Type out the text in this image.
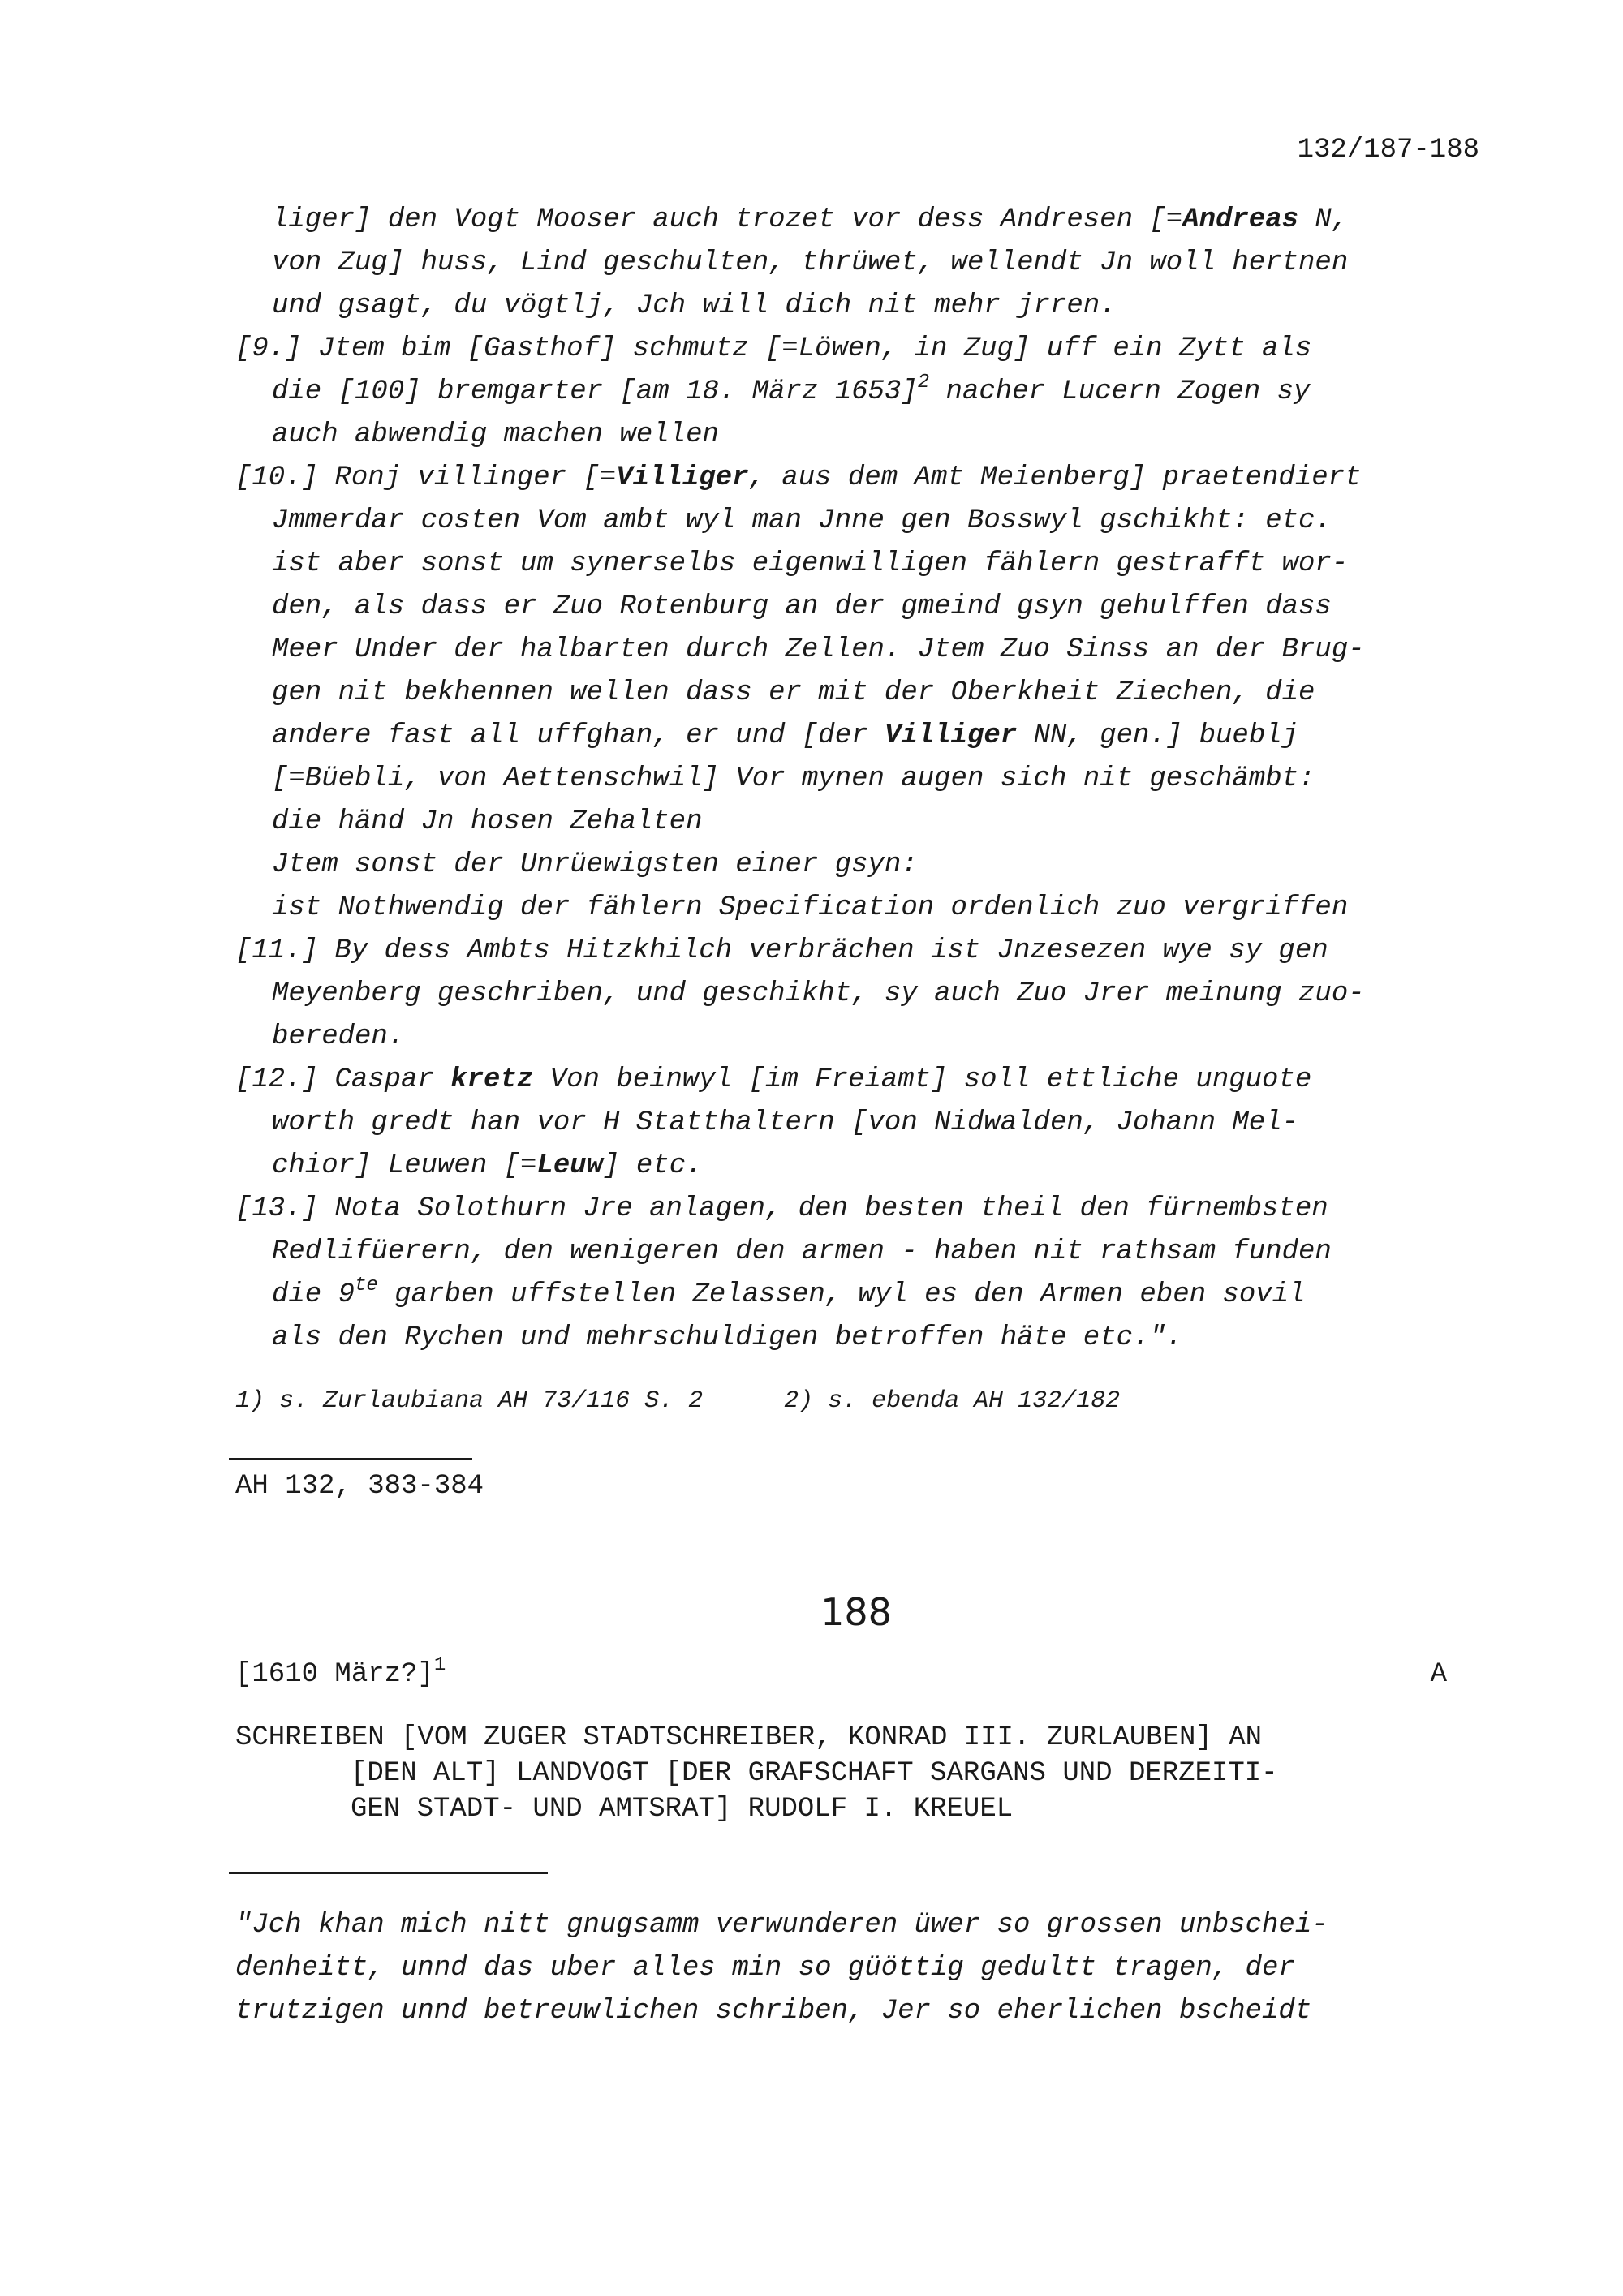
132/187-188

liger] den Vogt Mooser auch trozet vor dess Andresen [=Andreas N,

von Zug] huss, Lind geschulten, thrüwet, wellendt Jn woll hertnen

und gsagt, du vögtlj, Jch will dich nit mehr jrren.

[9.] Jtem bim [Gasthof] schmutz [=Löwen, in Zug] uff ein Zytt als
die [100] bremgarter [am 18. März 1653]$^2$ nacher Lucern Zogen sy
auch abwendig machen wellen
[10.] Ronj villinger [=Villiger, aus dem Amt Meienberg] praetendiert
Jmmerdar costen Vom ambt wyl man Jnne gen Bosswyl gschikht: etc.
ist aber sonst um synerselbs eigenwilligen fählern gestrafft wor-
den, als dass er Zuo Rotenburg an der gmeind gsyn gehulffen dass
Meer Under der halbarten durch Zellen. Jtem Zuo Sinss an der Brug-
gen nit bekhennen wellen dass er mit der Oberkheit Ziechen, die
andere fast all uffghan, er und [der Villiger NN, gen.] bueblj
[=Büebli, von Aettenschwil] Vor mynen augen sich nit geschämbt:
die händ Jn hosen Zehalten
Jtem sonst der Unrüewigsten einer gsyn:
ist Nothwendig der fählern Specification ordenlich zuo vergriffen
[11.] By dess Ambts Hitzkhilch verbrächen ist Jnzesezen wye sy gen
Meyenberg geschriben, und geschikht, sy auch Zuo Jrer meinung zuo-
bereden.
[12.] Caspar kretz Von beinwyl [im Freiamt] soll ettliche unguote
worth gredt han vor H Statthaltern [von Nidwalden, Johann Mel-
chior] Leuwen [=Leuw] etc.
[13.] Nota Solothurn Jre anlagen, den besten theil den fürnembsten
Redlifüerern, den wenigeren den armen - haben nit rathsam funden
die $9^{te}$ garben uffstellen Zelassen, wyl es den Armen eben sovil
als den Rychen und mehrschuldigen betroffen häte etc.".
1) s. Zurlaubiana AH 73/116 S. 2	2) s. ebenda AH 132/182
AH 132, 383-384
188
[1610 März?]$^1$	A
SCHREIBEN [VOM ZUGER STADTSCHREIBER, KONRAD III. ZURLAUBEN] AN
[DEN ALT] LANDVOGT [DER GRAFSCHAFT SARGANS UND DERZEITI-
GEN STADT- UND AMTSRAT] RUDOLF I. KREUEL
"Jch khan mich nitt gnugsamm verwunderen üwer so grossen unbschei-
denheitt, unnd das uber alles min so güöttig gedultt tragen, der
trutzigen unnd betreuwlichen schriben, Jer so eherlichen bscheidt
